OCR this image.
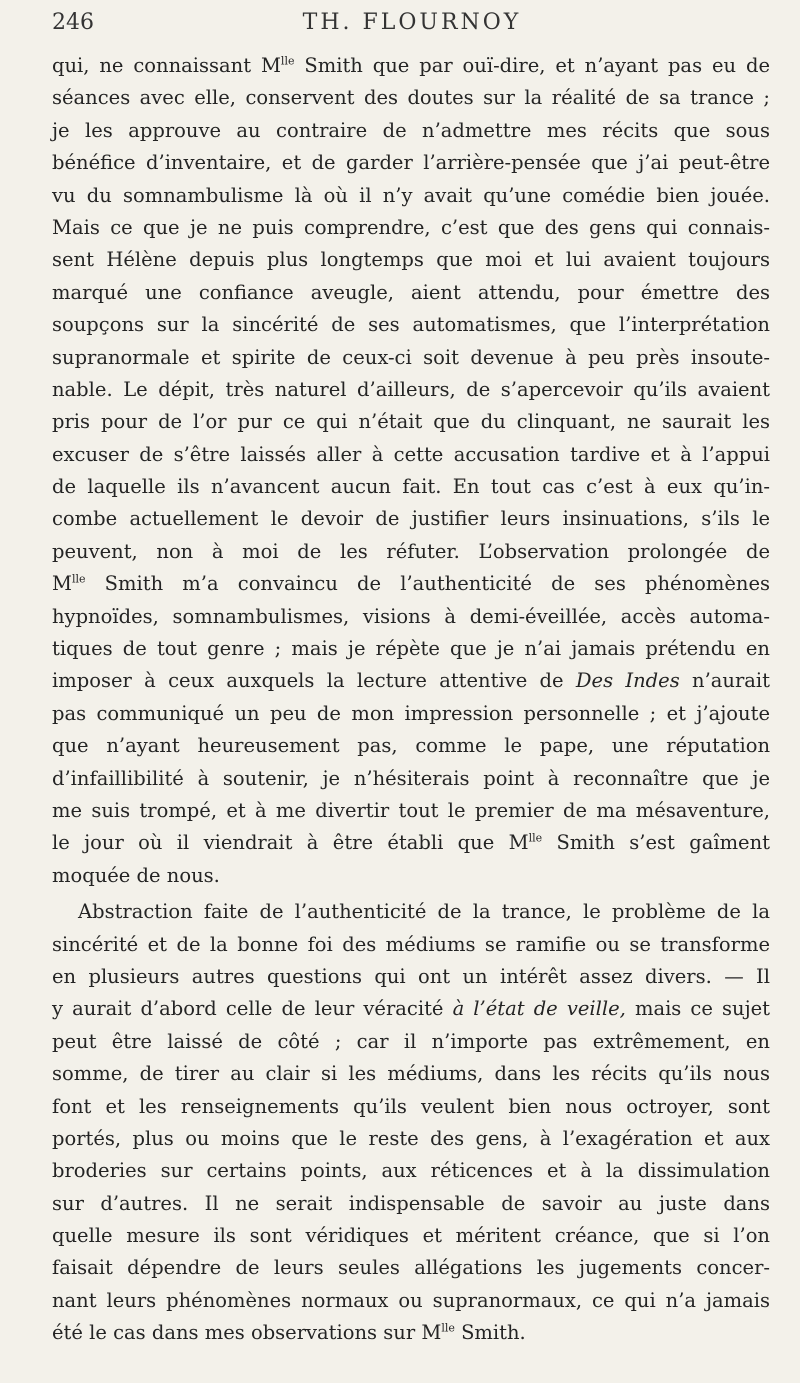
246	TH. FLOURNOY
qui, ne connaissant $M^{lle}$ Smith que par ouï-dire, et n’ayant pas eu de
séances avec elle, conservent des doutes sur la réalité de sa trance ;
je les approuve au contraire de n’admettre mes récits que sous
bénéfice d’inventaire, et de garder l’arrière-pensée que j’ai peut-être
vu du somnambulisme là où il n’y avait qu’une comédie bien jouée.
Mais ce que je ne puis comprendre, c’est que des gens qui connais-
sent Hélène depuis plus longtemps que moi et lui avaient toujours
marqué une confiance aveugle, aient attendu, pour émettre des
soupçons sur la sincérité de ses automatismes, que l’interprétation
supranormale et spirite de ceux-ci soit devenue à peu près insoute-
nable. Le dépit, très naturel d’ailleurs, de s’apercevoir qu’ils avaient
pris pour de l’or pur ce qui n’était que du clinquant, ne saurait les
excuser de s’être laissés aller à cette accusation tardive et à l’appui
de laquelle ils n’avancent aucun fait. En tout cas c’est à eux qu’in-
combe actuellement le devoir de justifier leurs insinuations, s’ils le
peuvent, non à moi de les réfuter. L’observation prolongée de
$M^{lle}$ Smith m’a convaincu de l’authenticité de ses phénomènes
hypnoïdes, somnambulismes, visions à demi-éveillée, accès automa-
tiques de tout genre ; mais je répète que je n’ai jamais prétendu en
imposer à ceux auxquels la lecture attentive de Des Indes n’aurait
pas communiqué un peu de mon impression personnelle ; et j’ajoute
que n’ayant heureusement pas, comme le pape, une réputation
d’infaillibilité à soutenir, je n’hésiterais point à reconnaître que je
me suis trompé, et à me divertir tout le premier de ma mésaventure,
le jour où il viendrait à être établi que $M^{lle}$ Smith s’est gaîment
moquée de nous.
Abstraction faite de l’authenticité de la trance, le problème de la
sincérité et de la bonne foi des médiums se ramifie ou se transforme
en plusieurs autres questions qui ont un intérêt assez divers. — Il
y aurait d’abord celle de leur véracité à l’état de veille, mais ce sujet
peut être laissé de côté ; car il n’importe pas extrêmement, en
somme, de tirer au clair si les médiums, dans les récits qu’ils nous
font et les renseignements qu’ils veulent bien nous octroyer, sont
portés, plus ou moins que le reste des gens, à l’exagération et aux
broderies sur certains points, aux réticences et à la dissimulation
sur d’autres. Il ne serait indispensable de savoir au juste dans
quelle mesure ils sont véridiques et méritent créance, que si l’on
faisait dépendre de leurs seules allégations les jugements concer-
nant leurs phénomènes normaux ou supranormaux, ce qui n’a jamais
été le cas dans mes observations sur $M^{lle}$ Smith.
